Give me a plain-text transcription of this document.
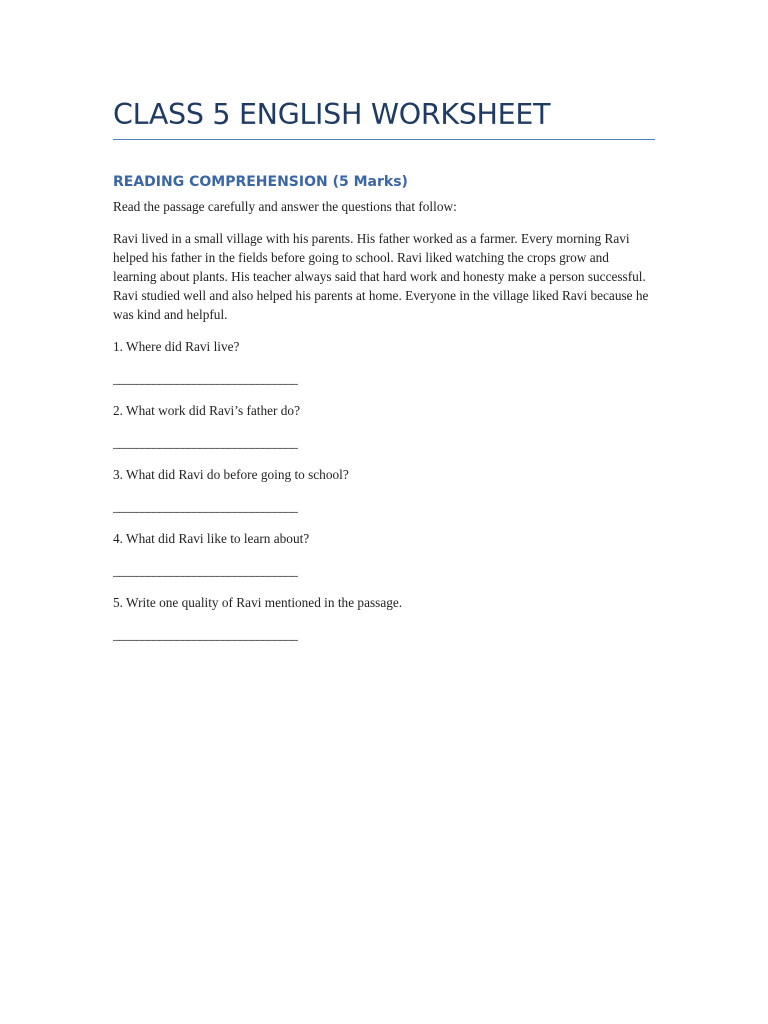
CLASS 5 ENGLISH WORKSHEET
READING COMPREHENSION (5 Marks)

Read the passage carefully and answer the questions that follow:

Ravi lived in a small village with his parents. His father worked as a farmer. Every morning Ravi helped his father in the fields before going to school. Ravi liked watching the crops grow and learning about plants. His teacher always said that hard work and honesty make a person successful. Ravi studied well and also helped his parents at home. Everyone in the village liked Ravi because he was kind and helpful.

1. Where did Ravi live?

________________________________

2. What work did Ravi’s father do?

________________________________

3. What did Ravi do before going to school?

________________________________

4. What did Ravi like to learn about?

________________________________

5. Write one quality of Ravi mentioned in the passage.

________________________________
